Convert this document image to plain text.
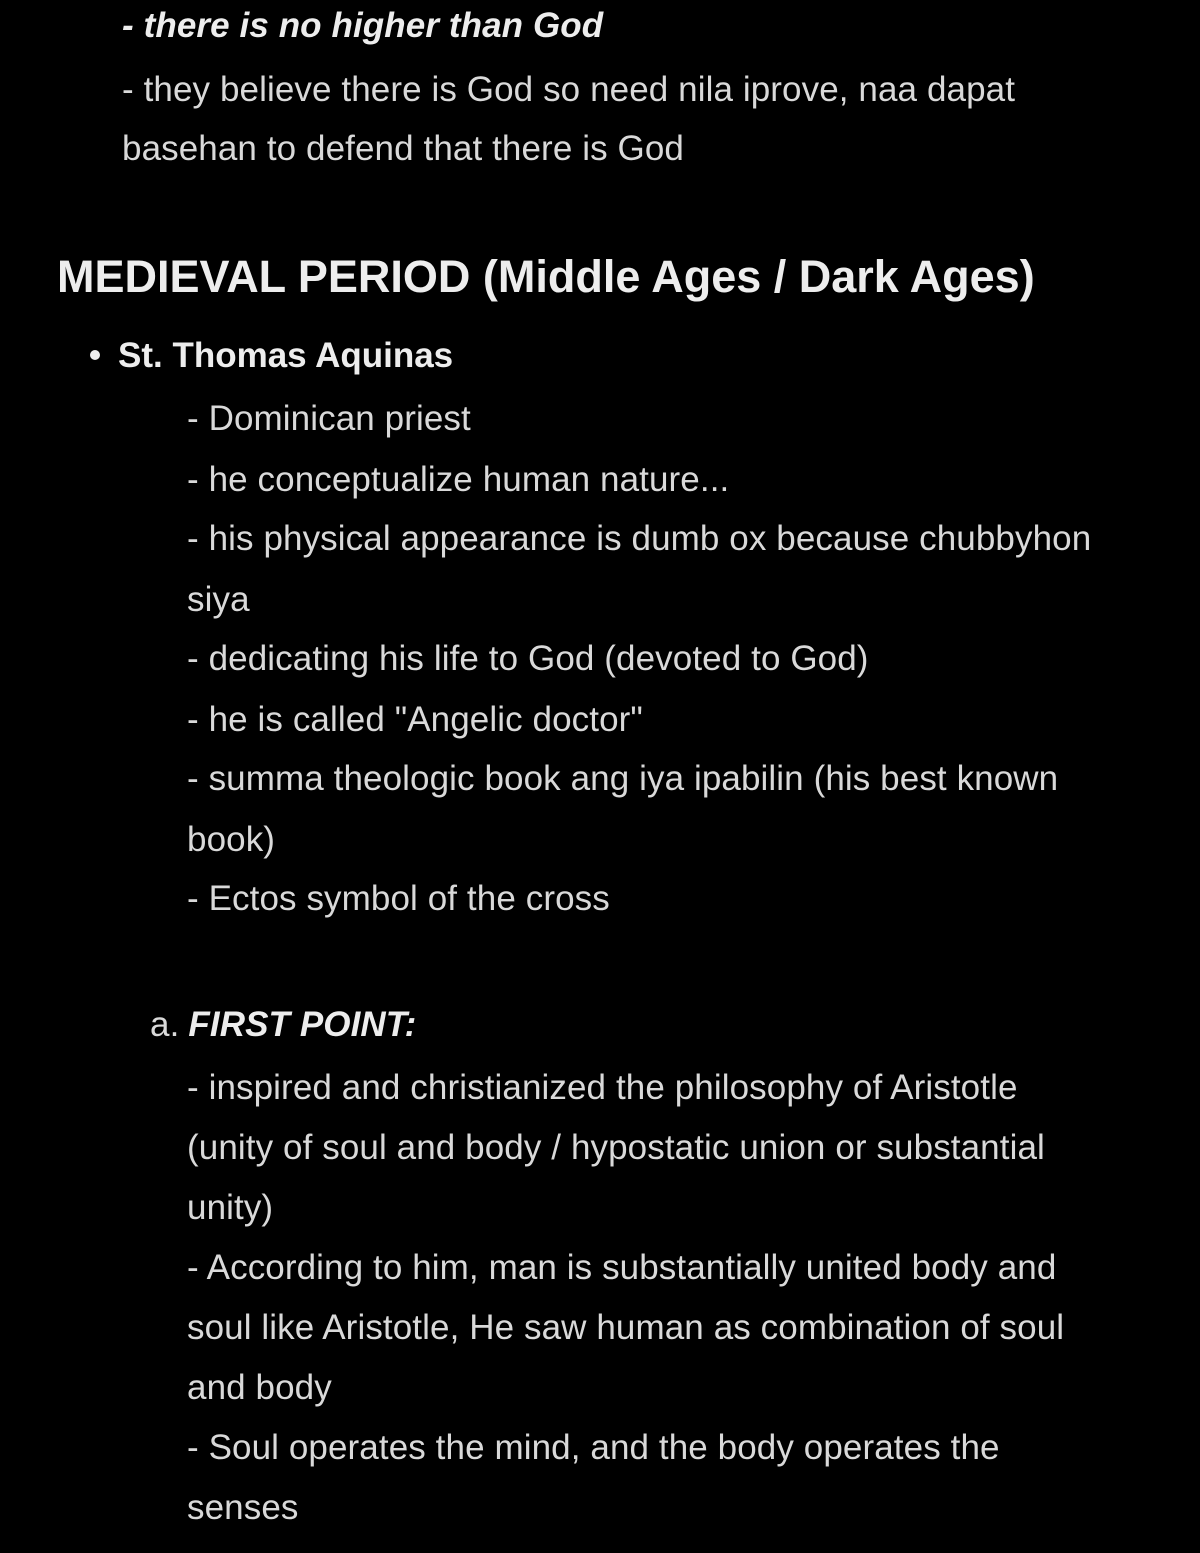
- there is no higher than God
- they believe there is God so need nila iprove, naa dapat
basehan to defend that there is God
MEDIEVAL PERIOD (Middle Ages / Dark Ages)
St. Thomas Aquinas
- Dominican priest
- he conceptualize human nature...
- his physical appearance is dumb ox because chubbyhon
siya
- dedicating his life to God (devoted to God)
- he is called "Angelic doctor"
- summa theologic book ang iya ipabilin (his best known
book)
- Ectos symbol of the cross
a. FIRST POINT:
- inspired and christianized the philosophy of Aristotle
(unity of soul and body / hypostatic union or substantial
unity)
- According to him, man is substantially united body and
soul like Aristotle, He saw human as combination of soul
and body
- Soul operates the mind, and the body operates the
senses
